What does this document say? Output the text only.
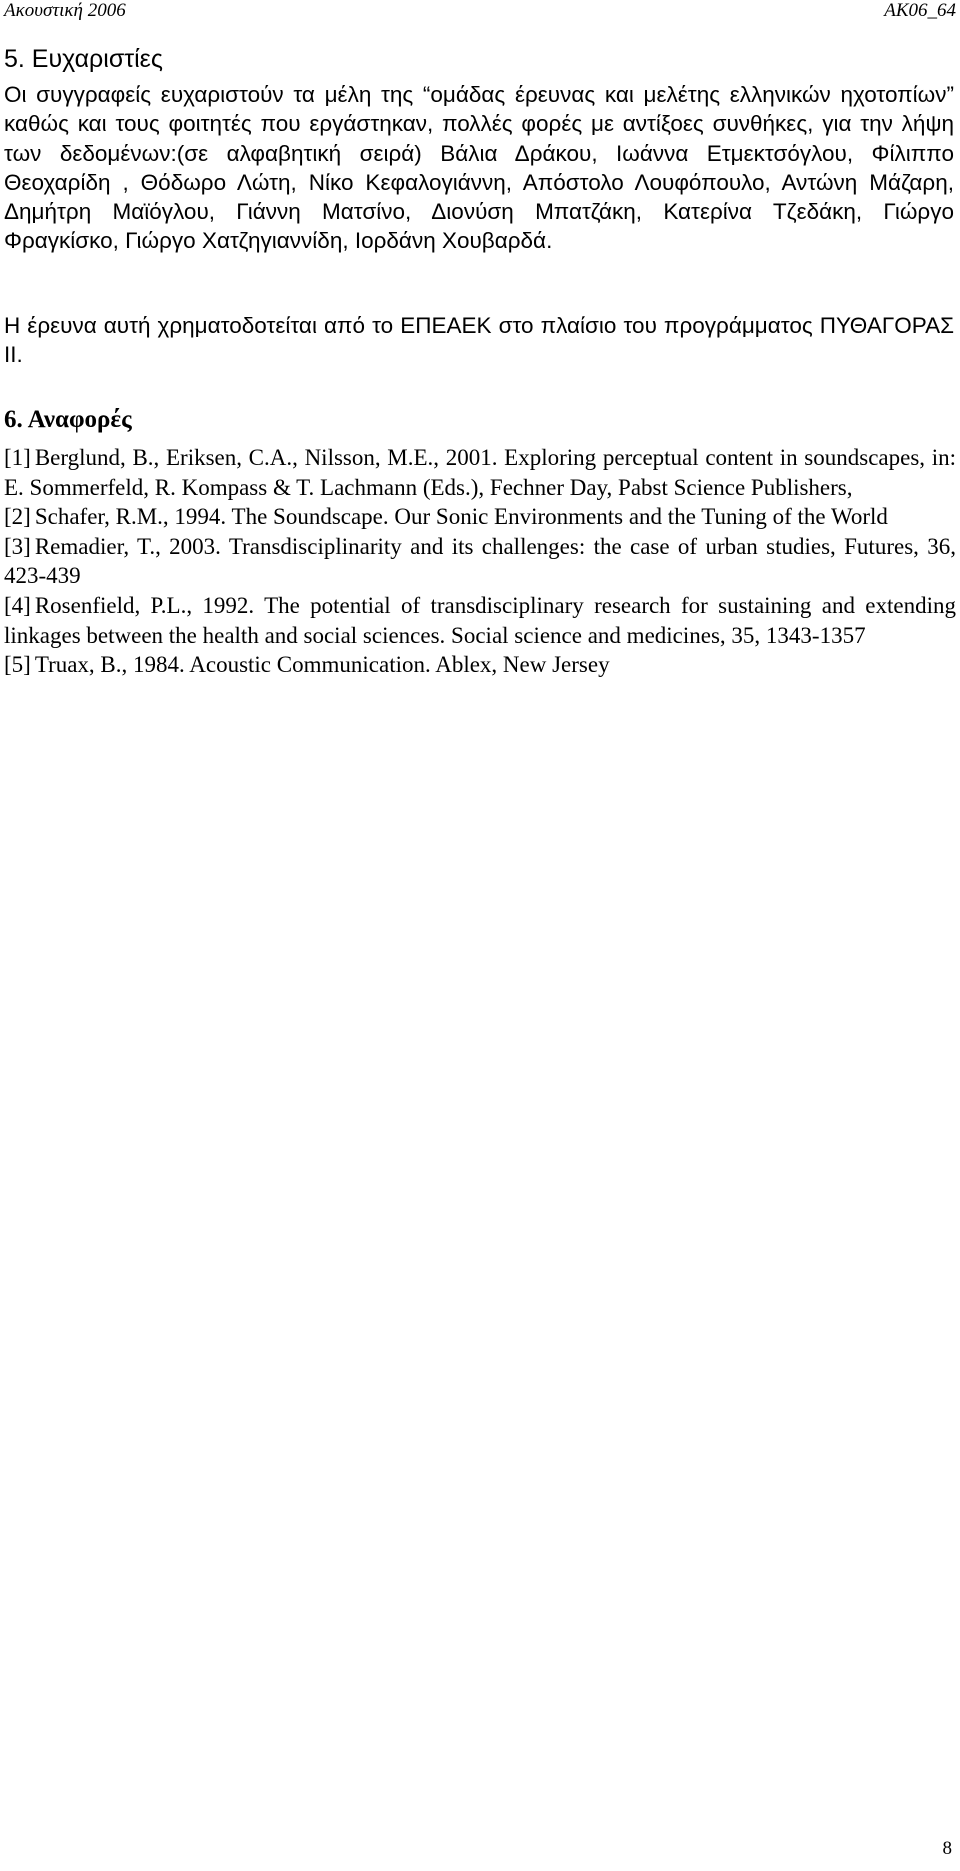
Ακουστική 2006	AK06_64
5. Ευχαριστίες
Οι συγγραφείς ευχαριστούν τα μέλη της “ομάδας έρευνας και μελέτης ελληνικών ηχοτοπίων” καθώς και τους φοιτητές που εργάστηκαν, πολλές φορές με αντίξοες συνθήκες, για την λήψη των δεδομένων:(σε αλφαβητική σειρά) Βάλια Δράκου, Ιωάννα Ετμεκτσόγλου, Φίλιππο Θεοχαρίδη , Θόδωρο Λώτη, Νίκο Κεφαλογιάννη, Απόστολο Λουφόπουλο, Αντώνη Μάζαρη, Δημήτρη Μαϊόγλου, Γιάννη Ματσίνο, Διονύση Μπατζάκη, Κατερίνα Τζεδάκη, Γιώργο Φραγκίσκο, Γιώργο Χατζηγιαννίδη, Ιορδάνη Χουβαρδά.
Η έρευνα αυτή χρηματοδοτείται από το ΕΠΕΑΕΚ στο πλαίσιο του προγράμματος ΠΥΘΑΓΟΡΑΣ ΙΙ.
6. Αναφορές

[1] Berglund, B., Eriksen, C.A., Nilsson, M.E., 2001. Exploring perceptual content in soundscapes, in: E. Sommerfeld, R. Kompass & T. Lachmann (Eds.), Fechner Day, Pabst Science Publishers,

[2] Schafer, R.M., 1994. The Soundscape. Our Sonic Environments and the Tuning of the World

[3] Remadier, T., 2003. Transdisciplinarity and its challenges: the case of urban studies, Futures, 36, 423-439

[4] Rosenfield, P.L., 1992. The potential of transdisciplinary research for sustaining and extending linkages between the health and social sciences. Social science and medicines, 35, 1343-1357

[5] Truax, B., 1984. Acoustic Communication. Ablex, New Jersey

8
